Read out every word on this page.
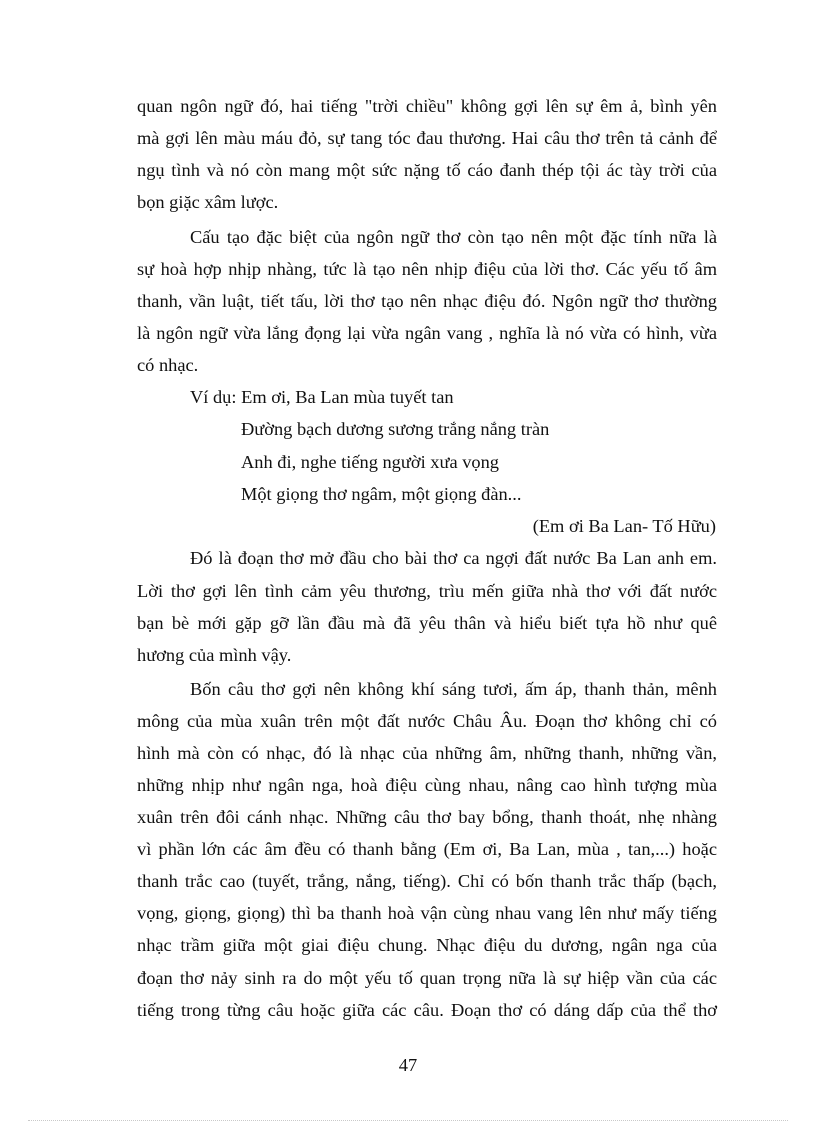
quan ngôn ngữ đó, hai tiếng "trời chiều" không gợi lên sự êm ả, bình yên
mà gợi lên màu máu đỏ, sự tang tóc đau thương. Hai câu thơ trên tả cảnh để
ngụ tình và nó còn mang một sức nặng tố cáo đanh thép tội ác tày trời của
bọn giặc xâm lược.
Cấu tạo đặc biệt của ngôn ngữ thơ còn tạo nên một đặc tính nữa là
sự hoà hợp nhịp nhàng, tức là tạo nên nhịp điệu của lời thơ. Các yếu tố âm
thanh, vần luật, tiết tấu, lời thơ tạo nên nhạc điệu đó. Ngôn ngữ thơ thường
là ngôn ngữ vừa lắng đọng lại vừa ngân vang , nghĩa là nó vừa có hình, vừa
có nhạc.
Ví dụ: Em ơi, Ba Lan mùa tuyết tan
Đường bạch dương sương trắng nắng tràn
Anh đi, nghe tiếng người xưa vọng
Một giọng thơ ngâm, một giọng đàn...
(Em ơi Ba Lan- Tố Hữu)
Đó là đoạn thơ mở đầu cho bài thơ ca ngợi đất nước Ba Lan anh em.
Lời thơ gợi lên tình cảm yêu thương, trìu mến giữa nhà thơ với đất nước
bạn bè mới gặp gỡ lần đầu mà đã yêu thân và hiểu biết tựa hồ như quê
hương của mình vậy.
Bốn câu thơ gợi nên không khí sáng tươi, ấm áp, thanh thản, mênh
mông của mùa xuân trên một đất nước Châu Âu. Đoạn thơ không chỉ có
hình mà còn có nhạc, đó là nhạc của những âm, những thanh, những vần,
những nhịp như ngân nga, hoà điệu cùng nhau, nâng cao hình tượng mùa
xuân trên đôi cánh nhạc. Những câu thơ bay bổng, thanh thoát, nhẹ nhàng
vì phần lớn các âm đều có thanh bằng (Em ơi, Ba Lan, mùa , tan,...) hoặc
thanh trắc cao (tuyết, trắng, nắng, tiếng). Chỉ có bốn thanh trắc thấp (bạch,
vọng, giọng, giọng) thì ba thanh hoà vận cùng nhau vang lên như mấy tiếng
nhạc trầm giữa một giai điệu chung. Nhạc điệu du dương, ngân nga của
đoạn thơ nảy sinh ra do một yếu tố quan trọng nữa là sự hiệp vần của các
tiếng trong từng câu hoặc giữa các câu. Đoạn thơ có dáng dấp của thể thơ
47
